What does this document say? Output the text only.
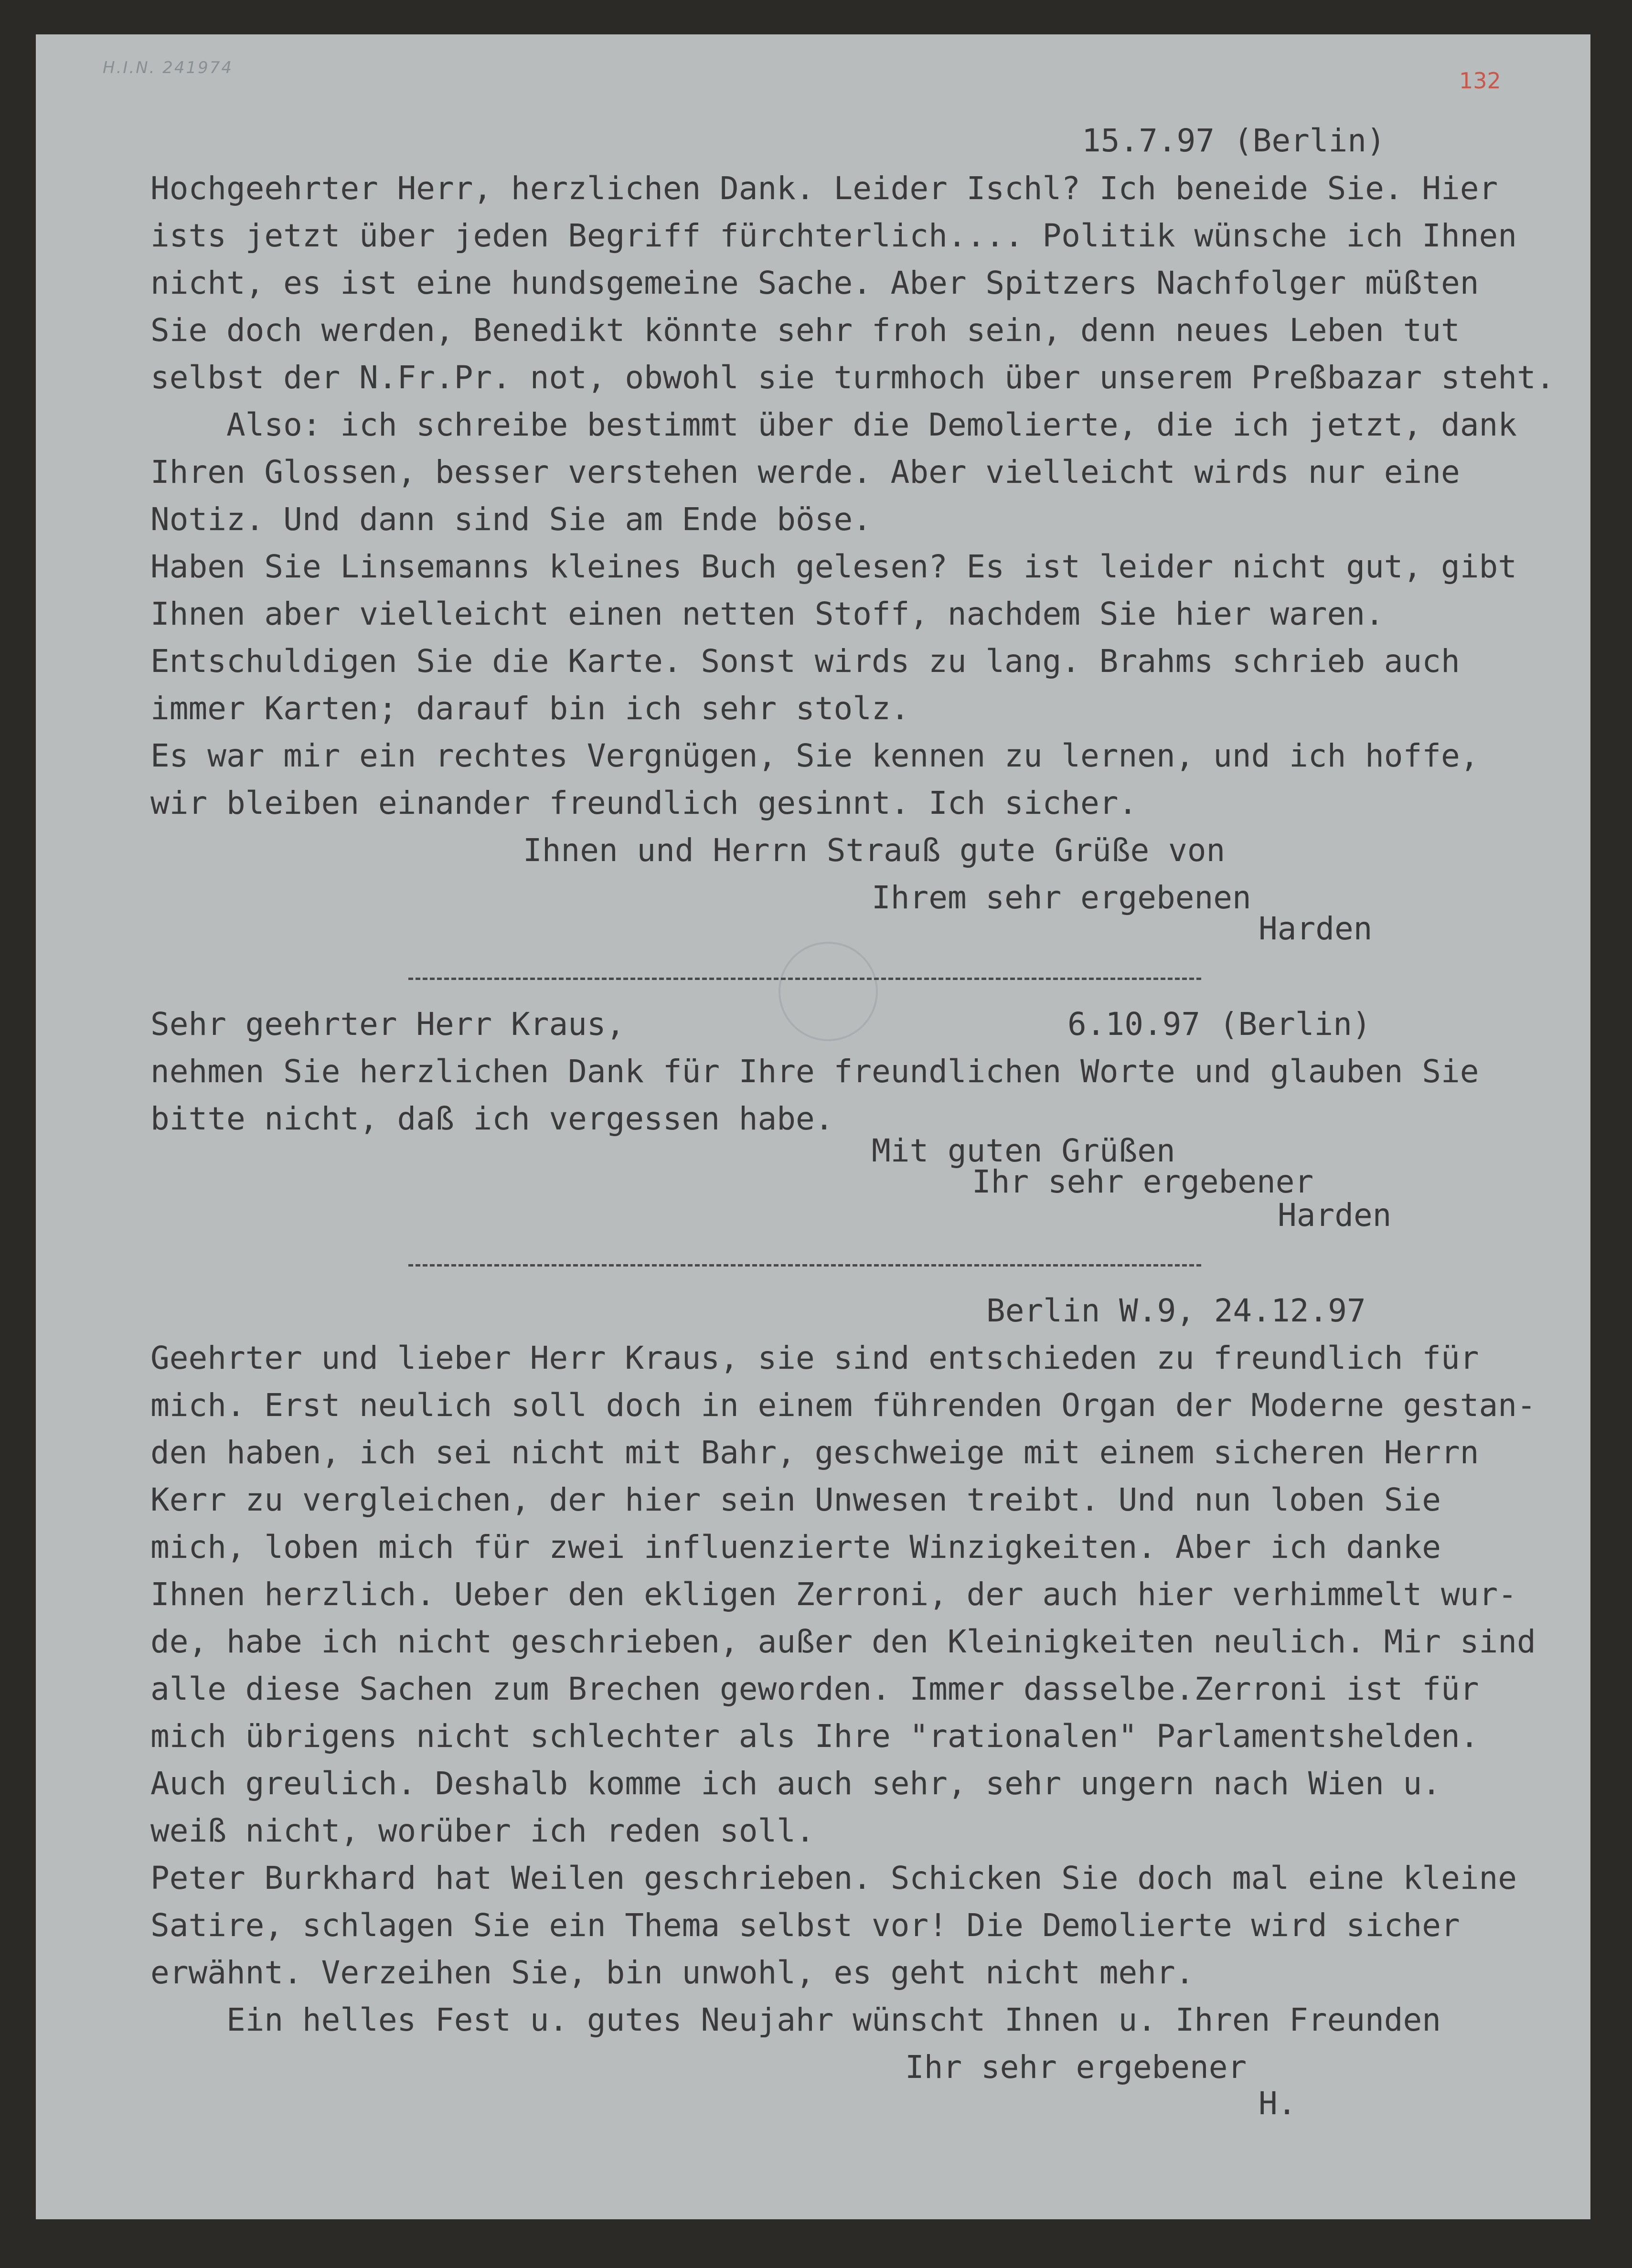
H.I.N. 241974	132
15.7.97 (Berlin)
Hochgeehrter Herr, herzlichen Dank. Leider Ischl? Ich beneide Sie. Hier
ists jetzt über jeden Begriff fürchterlich.... Politik wünsche ich Ihnen
nicht, es ist eine hundsgemeine Sache. Aber Spitzers Nachfolger müßten
Sie doch werden, Benedikt könnte sehr froh sein, denn neues Leben tut
selbst der N.Fr.Pr. not, obwohl sie turmhoch über unserem Preßbazar steht.
Also: ich schreibe bestimmt über die Demolierte, die ich jetzt, dank
Ihren Glossen, besser verstehen werde. Aber vielleicht wirds nur eine
Notiz. Und dann sind Sie am Ende böse.
Haben Sie Linsemanns kleines Buch gelesen? Es ist leider nicht gut, gibt
Ihnen aber vielleicht einen netten Stoff, nachdem Sie hier waren.
Entschuldigen Sie die Karte. Sonst wirds zu lang. Brahms schrieb auch
immer Karten; darauf bin ich sehr stolz.
Es war mir ein rechtes Vergnügen, Sie kennen zu lernen, und ich hoffe,
wir bleiben einander freundlich gesinnt. Ich sicher.
Ihnen und Herrn Strauß gute Grüße von
Ihrem sehr ergebenen
Harden
Sehr geehrter Herr Kraus,	6.10.97 (Berlin)
nehmen Sie herzlichen Dank für Ihre freundlichen Worte und glauben Sie
bitte nicht, daß ich vergessen habe.
Mit guten Grüßen
Ihr sehr ergebener
Harden
Berlin W.9, 24.12.97
Geehrter und lieber Herr Kraus, sie sind entschieden zu freundlich für
mich. Erst neulich soll doch in einem führenden Organ der Moderne gestan-
den haben, ich sei nicht mit Bahr, geschweige mit einem sicheren Herrn
Kerr zu vergleichen, der hier sein Unwesen treibt. Und nun loben Sie
mich, loben mich für zwei influenzierte Winzigkeiten. Aber ich danke
Ihnen herzlich. Ueber den ekligen Zerroni, der auch hier verhimmelt wur-
de, habe ich nicht geschrieben, außer den Kleinigkeiten neulich. Mir sind
alle diese Sachen zum Brechen geworden. Immer dasselbe.Zerroni ist für
mich übrigens nicht schlechter als Ihre "rationalen" Parlamentshelden.
Auch greulich. Deshalb komme ich auch sehr, sehr ungern nach Wien u.
weiß nicht, worüber ich reden soll.
Peter Burkhard hat Weilen geschrieben. Schicken Sie doch mal eine kleine
Satire, schlagen Sie ein Thema selbst vor! Die Demolierte wird sicher
erwähnt. Verzeihen Sie, bin unwohl, es geht nicht mehr.
Ein helles Fest u. gutes Neujahr wünscht Ihnen u. Ihren Freunden
Ihr sehr ergebener
H.
